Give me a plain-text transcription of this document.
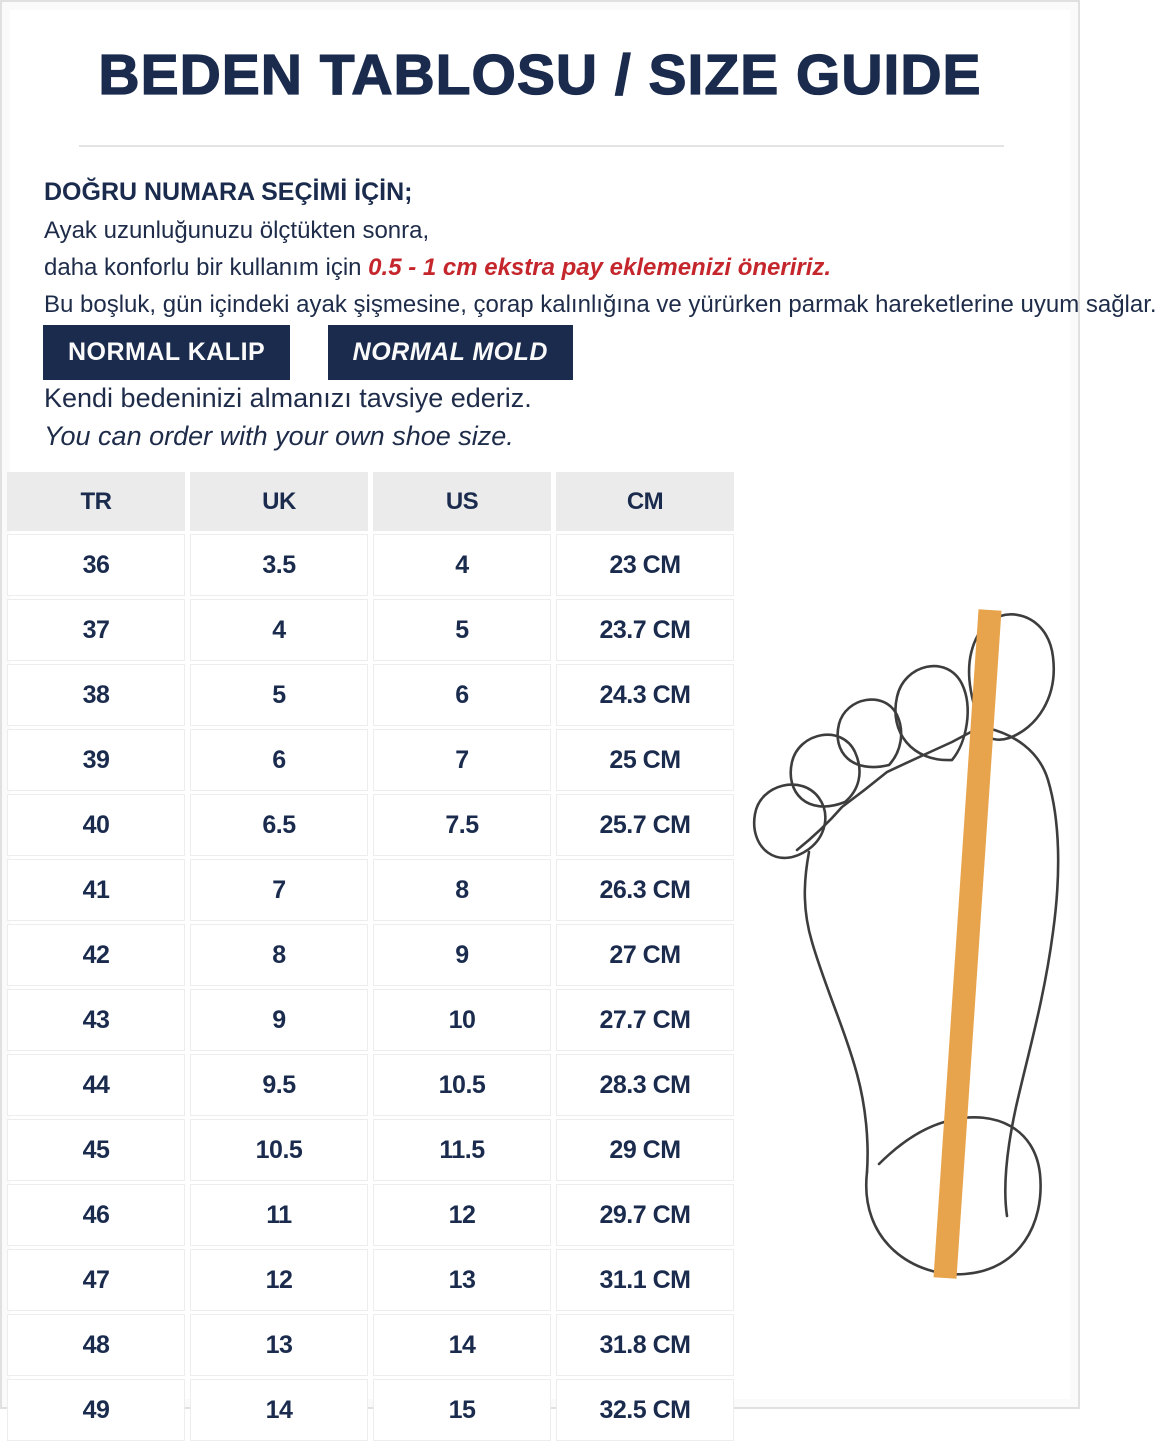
BEDEN TABLOSU / SIZE GUIDE

DOĞRU NUMARA SEÇİMİ İÇİN;

Ayak uzunluğunuzu ölçtükten sonra,

daha konforlu bir kullanım için 0.5 - 1 cm ekstra pay eklemenizi öneririz.

Bu boşluk, gün içindeki ayak şişmesine, çorap kalınlığına ve yürürken parmak hareketlerine uyum sağlar.

NORMAL KALIP	NORMAL MOLD

Kendi bedeninizi almanızı tavsiye ederiz.

You can order with your own shoe size.

TR	UK	US	CM
36	3.5	4	23 CM
37	4	5	23.7 CM
38	5	6	24.3 CM
39	6	7	25 CM
40	6.5	7.5	25.7 CM
41	7	8	26.3 CM
42	8	9	27 CM
43	9	10	27.7 CM
44	9.5	10.5	28.3 CM
45	10.5	11.5	29 CM
46	11	12	29.7 CM
47	12	13	31.1 CM
48	13	14	31.8 CM
49	14	15	32.5 CM
